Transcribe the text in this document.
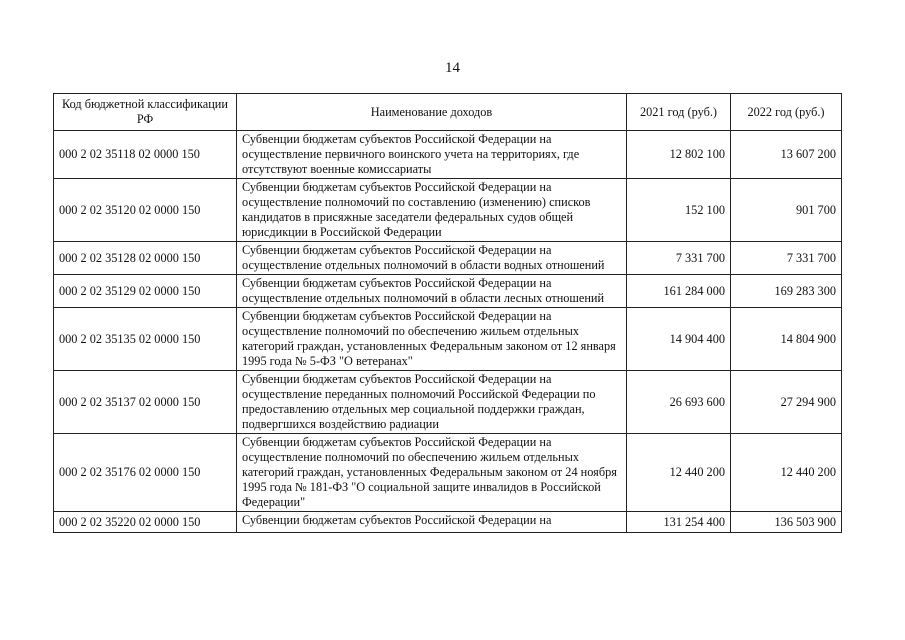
14
Код бюджетной классификации РФ	Наименование доходов	2021 год (руб.)	2022 год (руб.)
000 2 02 35118 02 0000 150	Субвенции бюджетам субъектов Российской Федерации на осуществление первичного воинского учета на территориях, где отсутствуют военные комиссариаты	12 802 100	13 607 200
000 2 02 35120 02 0000 150	Субвенции бюджетам субъектов Российской Федерации на осуществление полномочий по составлению (изменению) списков кандидатов в присяжные заседатели федеральных судов общей юрисдикции в Российской Федерации	152 100	901 700
000 2 02 35128 02 0000 150	Субвенции бюджетам субъектов Российской Федерации на осуществление отдельных полномочий в области водных отношений	7 331 700	7 331 700
000 2 02 35129 02 0000 150	Субвенции бюджетам субъектов Российской Федерации на осуществление отдельных полномочий в области лесных отношений	161 284 000	169 283 300
000 2 02 35135 02 0000 150	Субвенции бюджетам субъектов Российской Федерации на осуществление полномочий по обеспечению жильем отдельных категорий граждан, установленных Федеральным законом от 12 января 1995 года № 5-ФЗ "О ветеранах"	14 904 400	14 804 900
000 2 02 35137 02 0000 150	Субвенции бюджетам субъектов Российской Федерации на осуществление переданных полномочий Российской Федерации по предоставлению отдельных мер социальной поддержки граждан, подвергшихся воздействию радиации	26 693 600	27 294 900
000 2 02 35176 02 0000 150	Субвенции бюджетам субъектов Российской Федерации на осуществление полномочий по обеспечению жильем отдельных категорий граждан, установленных Федеральным законом от 24 ноября 1995 года № 181-ФЗ "О социальной защите инвалидов в Российской Федерации"	12 440 200	12 440 200
000 2 02 35220 02 0000 150	Субвенции бюджетам субъектов Российской Федерации на	131 254 400	136 503 900
